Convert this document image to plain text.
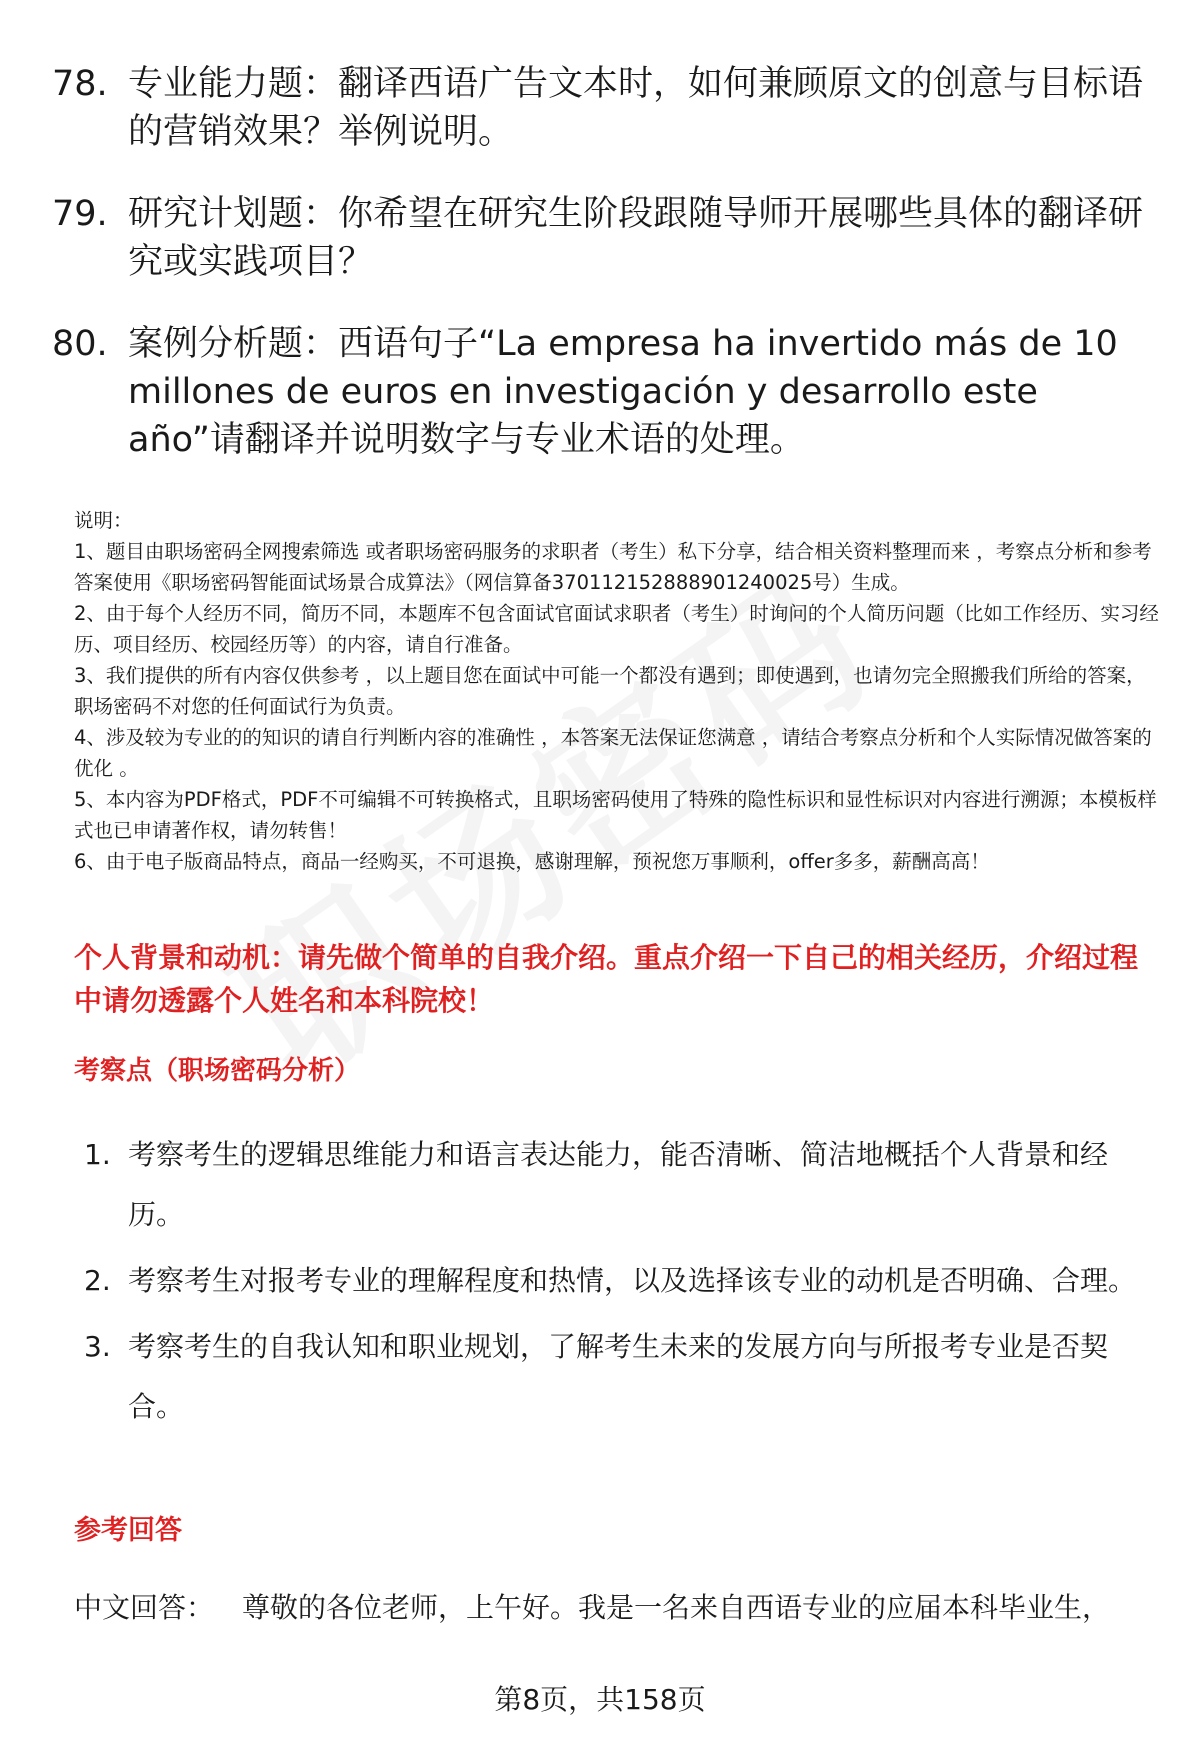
78. 专业能力题：翻译西语广告文本时，如何兼顾原文的创意与目标语的营销效果？举例说明。
79. 研究计划题：你希望在研究生阶段跟随导师开展哪些具体的翻译研究或实践项目？
80. 案例分析题：西语句子“La empresa ha invertido más de 10 millones de euros en investigación y desarrollo este año”请翻译并说明数字与专业术语的处理。

说明：

1、题目由职场密码全网搜索筛选 或者职场密码服务的求职者（考生）私下分享，结合相关资料整理而来 ，考察点分析和参考答案使用《职场密码智能面试场景合成算法》（网信算备370112152888901240025号）生成。

2、由于每个人经历不同，简历不同，本题库不包含面试官面试求职者（考生）时询问的个人简历问题（比如工作经历、实习经历、项目经历、校园经历等）的内容，请自行准备。

3、我们提供的所有内容仅供参考 ，以上题目您在面试中可能一个都没有遇到；即使遇到，也请勿完全照搬我们所给的答案，职场密码不对您的任何面试行为负责。

4、涉及较为专业的的知识的请自行判断内容的准确性 ，本答案无法保证您满意 ，请结合考察点分析和个人实际情况做答案的优化 。

5、本内容为PDF格式，PDF不可编辑不可转换格式，且职场密码使用了特殊的隐性标识和显性标识对内容进行溯源；本模板样式也已申请著作权，请勿转售！

6、由于电子版商品特点，商品一经购买，不可退换，感谢理解，预祝您万事顺利，offer多多，薪酬高高！

个人背景和动机：请先做个简单的自我介绍。重点介绍一下自己的相关经历，介绍过程中请勿透露个人姓名和本科院校！
考察点（职场密码分析）
1. 考察考生的逻辑思维能力和语言表达能力，能否清晰、简洁地概括个人背景和经历。
2. 考察考生对报考专业的理解程度和热情，以及选择该专业的动机是否明确、合理。
3. 考察考生的自我认知和职业规划，了解考生未来的发展方向与所报考专业是否契合。
参考回答
中文回答： 尊敬的各位老师，上午好。我是一名来自西语专业的应届本科毕业生，
第8页，共158页
